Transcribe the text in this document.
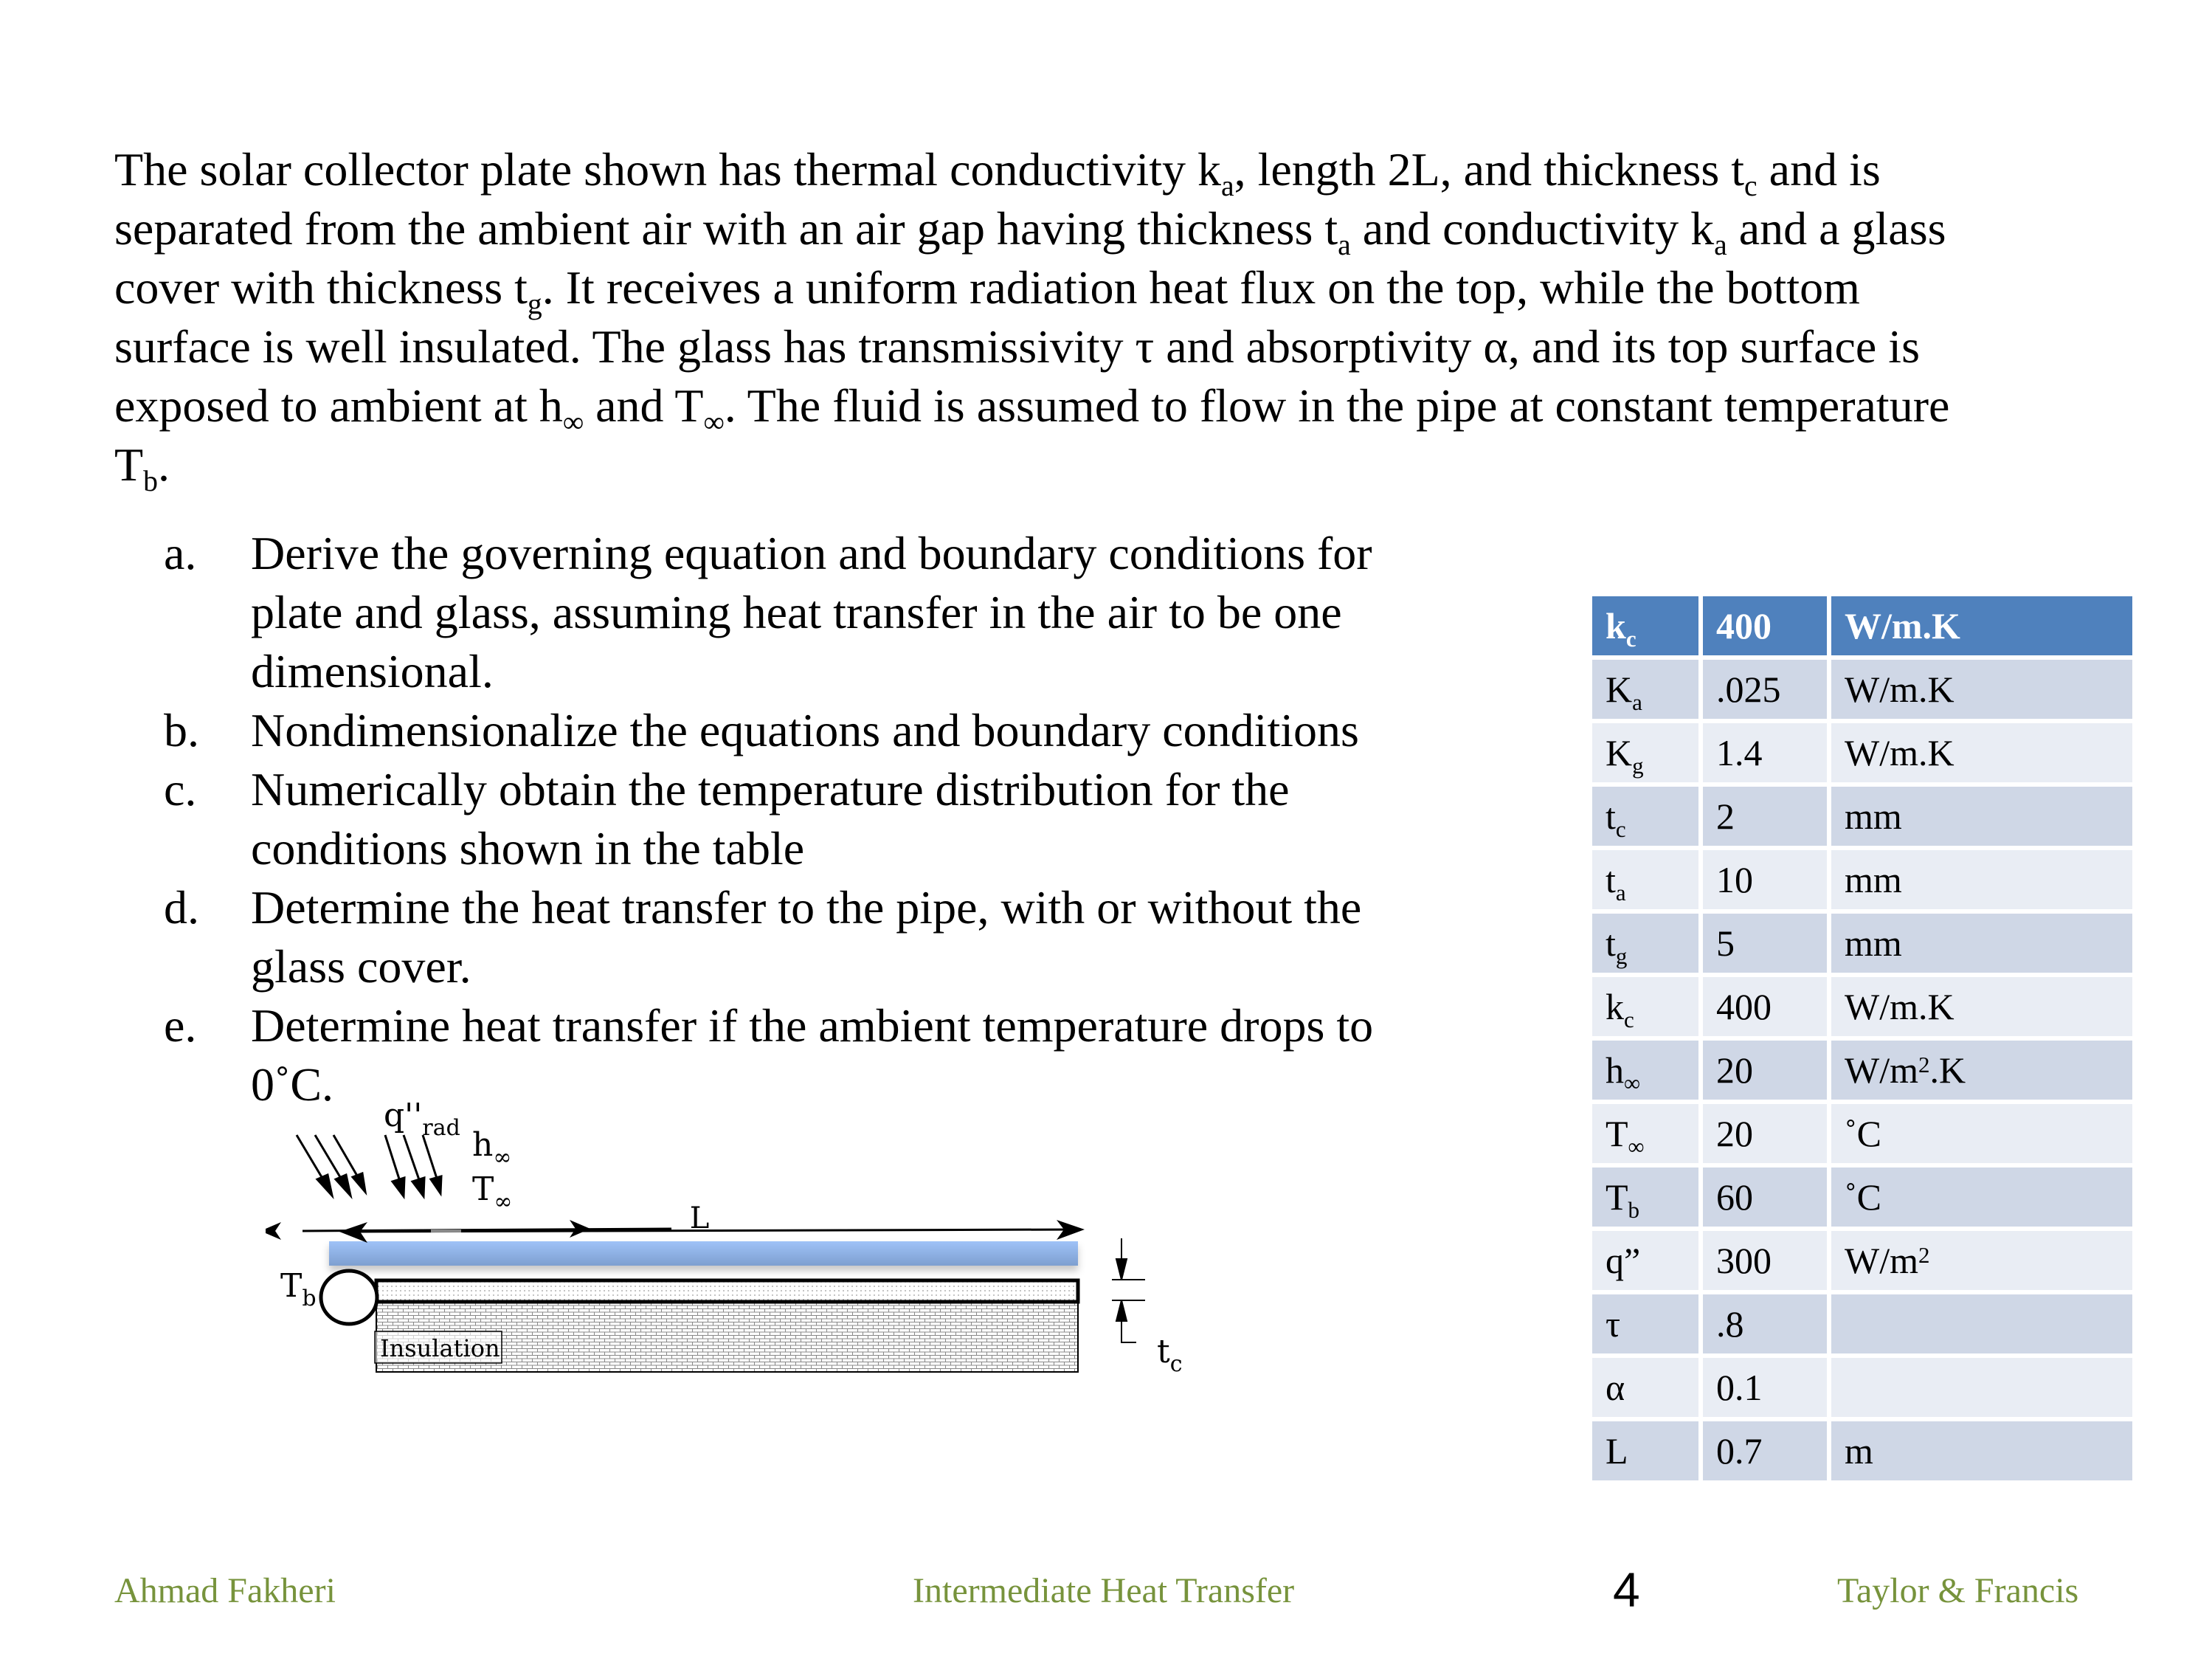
The solar collector plate shown has thermal conductivity $k_a$, length 2L, and thickness $t_c$ and is

separated from the ambient air with an air gap having thickness $t_a$ and conductivity $k_a$ and a glass

cover with thickness $t_g$. It receives a uniform radiation heat flux on the top, while the bottom

surface is well insulated. The glass has transmissivity τ and absorptivity α, and its top surface is

exposed to ambient at $h_\infty$ and $T_\infty$. The fluid is assumed to flow in the pipe at constant temperature

$T_b$.

a. Derive the governing equation and boundary conditions for
plate and glass, assuming heat transfer in the air to be one
dimensional.
b. Nondimensionalize the equations and boundary conditions
c. Numerically obtain the temperature distribution for the
conditions shown in the table
d. Determine the heat transfer to the pipe, with or without the
glass cover.
e. Determine heat transfer if the ambient temperature drops to
0˚C.
$k_c$	400	W/m.K
$K_a$	.025	W/m.K
$K_g$	1.4	W/m.K
$t_c$	2	mm
$t_a$	10	mm
$t_g$	5	mm
$k_c$	400	W/m.K
$h_\infty$	20	$W/m^2.K$
$T_\infty$	20	˚C
$T_b$	60	˚C
q”	300	$W/m^2$
τ	.8	
α	0.1	
L	0.7	m
Insulation
$T_b$
$q''_{rad}$ $h_\infty$
$T_\infty$	L
$t_c$
Ahmad Fakheri	Intermediate Heat Transfer	4	Taylor & Francis
